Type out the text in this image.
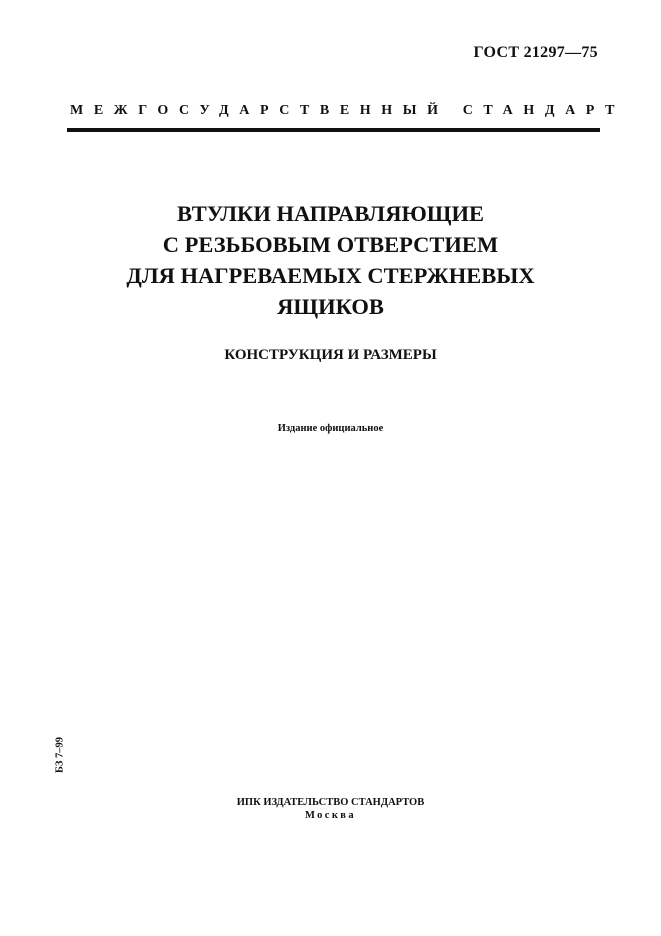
ГОСТ 21297—75
МЕЖГОСУДАРСТВЕННЫЙ СТАНДАРТ
ВТУЛКИ НАПРАВЛЯЮЩИЕ
С РЕЗЬБОВЫМ ОТВЕРСТИЕМ
ДЛЯ НАГРЕВАЕМЫХ СТЕРЖНЕВЫХ
ЯЩИКОВ
КОНСТРУКЦИЯ И РАЗМЕРЫ
Издание официальное
БЗ 7–99
ИПК ИЗДАТЕЛЬСТВО СТАНДАРТОВ
Москва
